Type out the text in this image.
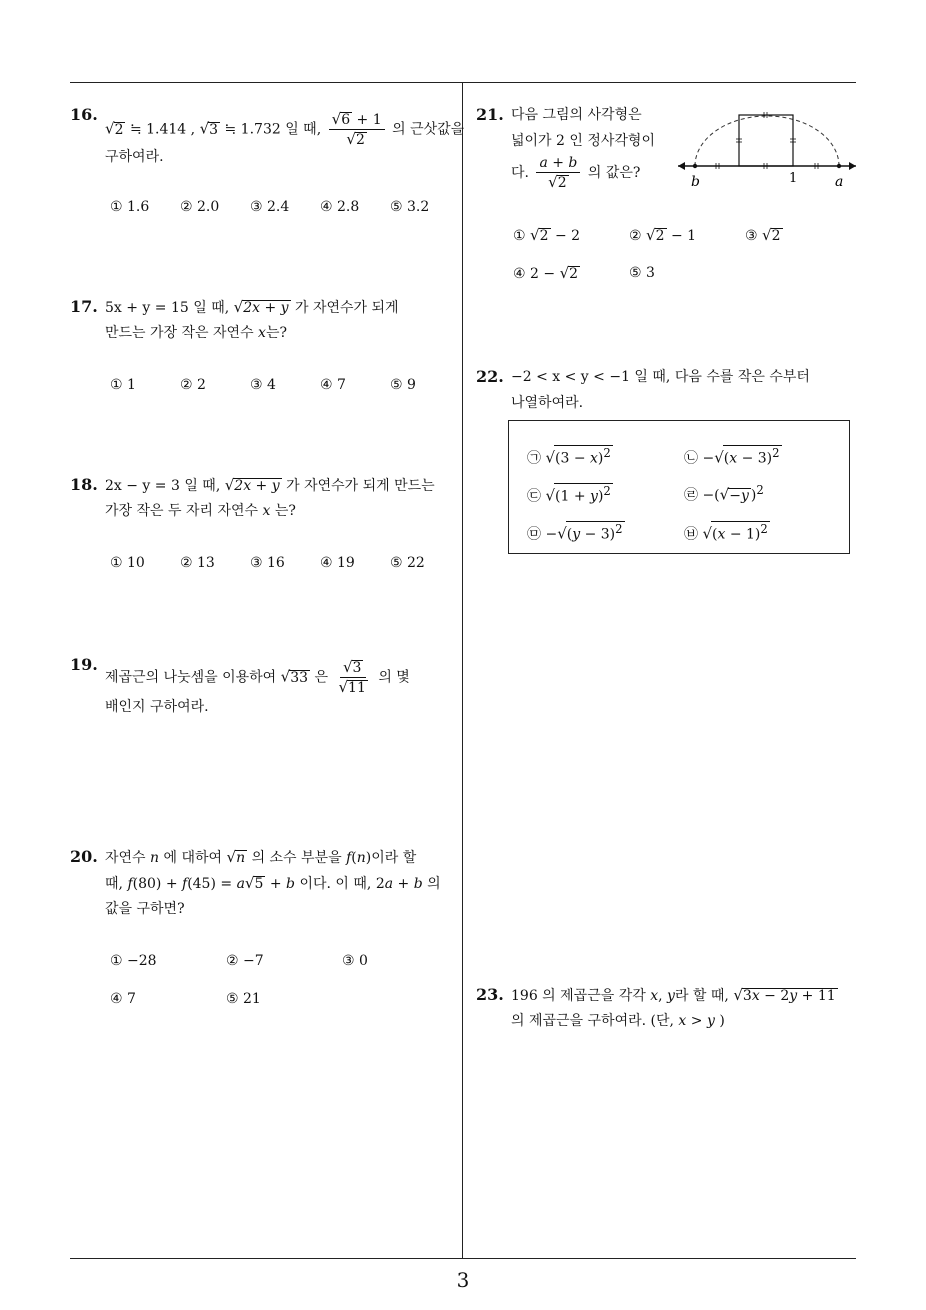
16.
√2 ≒ 1.414 , √3 ≒ 1.732 일 때, $\frac{√6 + 1}{√2}$ 의 근삿값을
구하여라.
① 1.6 ② 2.0 ③ 2.4 ④ 2.8 ⑤ 3.2
17. 5x + y = 15 일 때, √2x + y 가 자연수가 되게
만드는 가장 작은 자연수 x는?
① 1	② 2	③ 4	④ 7	⑤ 9
18. 2x − y = 3 일 때, √2x + y 가 자연수가 되게 만드는
가장 작은 두 자리 자연수 x 는?
① 10	② 13	③ 16	④ 19	⑤ 22
19.
제곱근의 나눗셈을 이용하여 √33 은 $\frac{√3}{√11}$ 의 몇
배인지 구하여라.
20. 자연수 n 에 대하여 √n 의 소수 부분을 f(n)이라 할
때, f(80) + f(45) = a√5 + b 이다. 이 때, 2a + b 의
값을 구하면?
① −28	② −7	③ 0
④ 7	⑤ 21
21. 다음 그림의 사각형은
넓이가 2 인 정사각형이
다. $\frac{a + b}{√2}$ 의 값은?
b	1	a
① √2 − 2	② √2 − 1	③ √2
④ 2 − √2	⑤ 3
22. −2 < x < y < −1 일 때, 다음 수를 작은 수부터
나열하여라.
㉠ $√(3 - x)^2$	㉡ $-√(x - 3)^2$
㉢ $√(1 + y)^2$	㉣ −(√−y )$^2$
㉤ $-√(y - 3)^2$	㉥ $√(x - 1)^2$
23. 196 의 제곱근을 각각 x, y라 할 때, √3x − 2y + 11
의 제곱근을 구하여라. (단, x > y )
3
